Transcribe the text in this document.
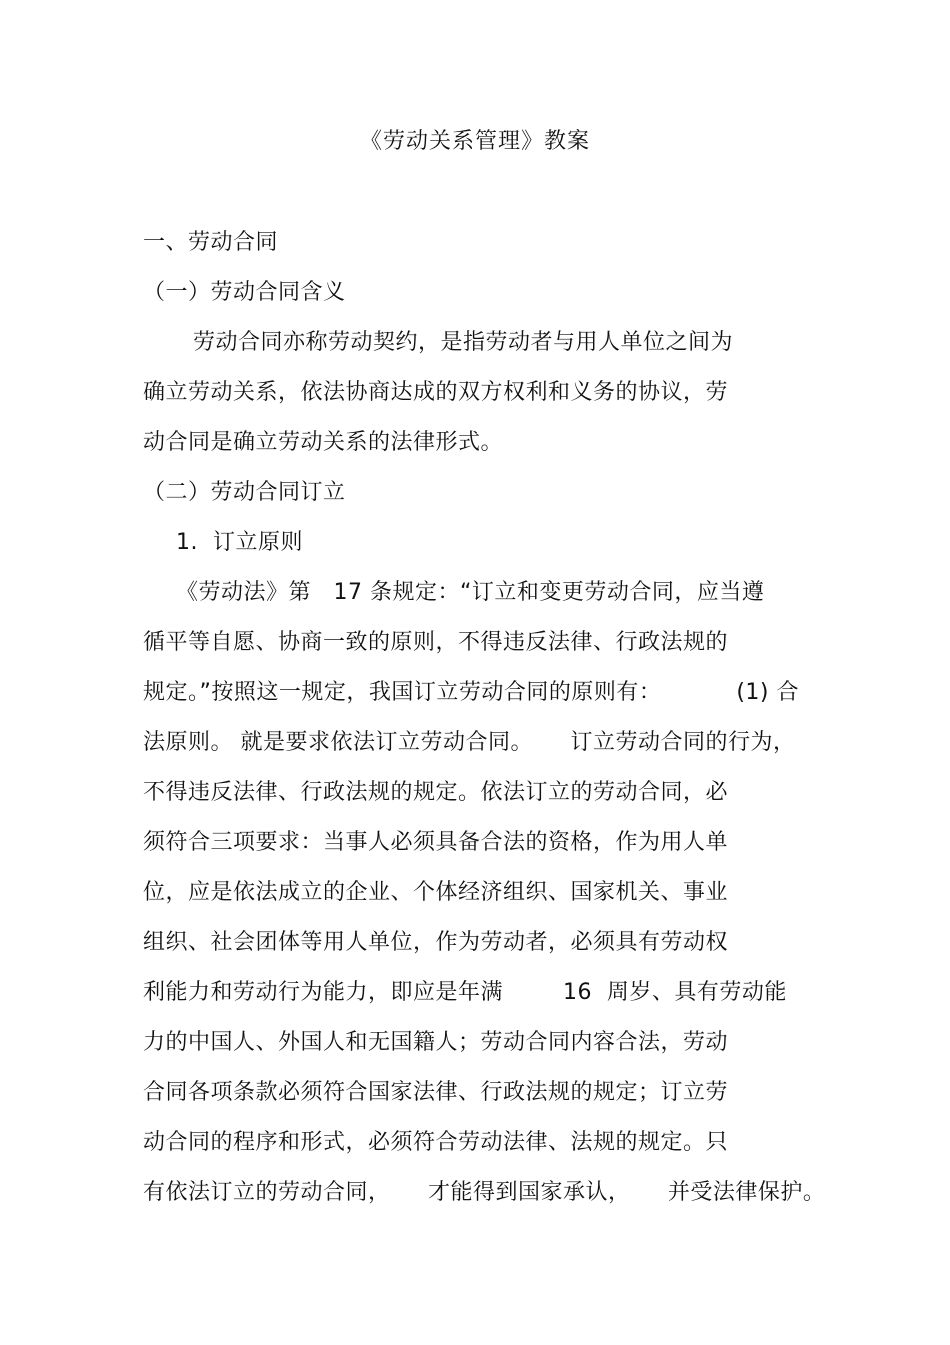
《劳动关系管理》教案
一、劳动合同
（一）劳动合同含义
劳动合同亦称劳动契约，是指劳动者与用人单位之间为
确立劳动关系，依法协商达成的双方权利和义务的协议，劳
动合同是确立劳动关系的法律形式。
（二）劳动合同订立
1.  订立原则
《劳动法》第   17 条规定：“订立和变更劳动合同，应当遵
循平等自愿、协商一致的原则，不得违反法律、行政法规的
规定。”按照这一规定，我国订立劳动合同的原则有：          (1) 合
法原则。 就是要求依法订立劳动合同。     订立劳动合同的行为，
不得违反法律、行政法规的规定。依法订立的劳动合同，必
须符合三项要求：当事人必须具备合法的资格，作为用人单
位，应是依法成立的企业、个体经济组织、国家机关、事业
组织、社会团体等用人单位，作为劳动者，必须具有劳动权
利能力和劳动行为能力，即应是年满        16  周岁、具有劳动能
力的中国人、外国人和无国籍人；劳动合同内容合法，劳动
合同各项条款必须符合国家法律、行政法规的规定；订立劳
动合同的程序和形式，必须符合劳动法律、法规的规定。只
有依法订立的劳动合同，     才能得到国家承认，     并受法律保护。
